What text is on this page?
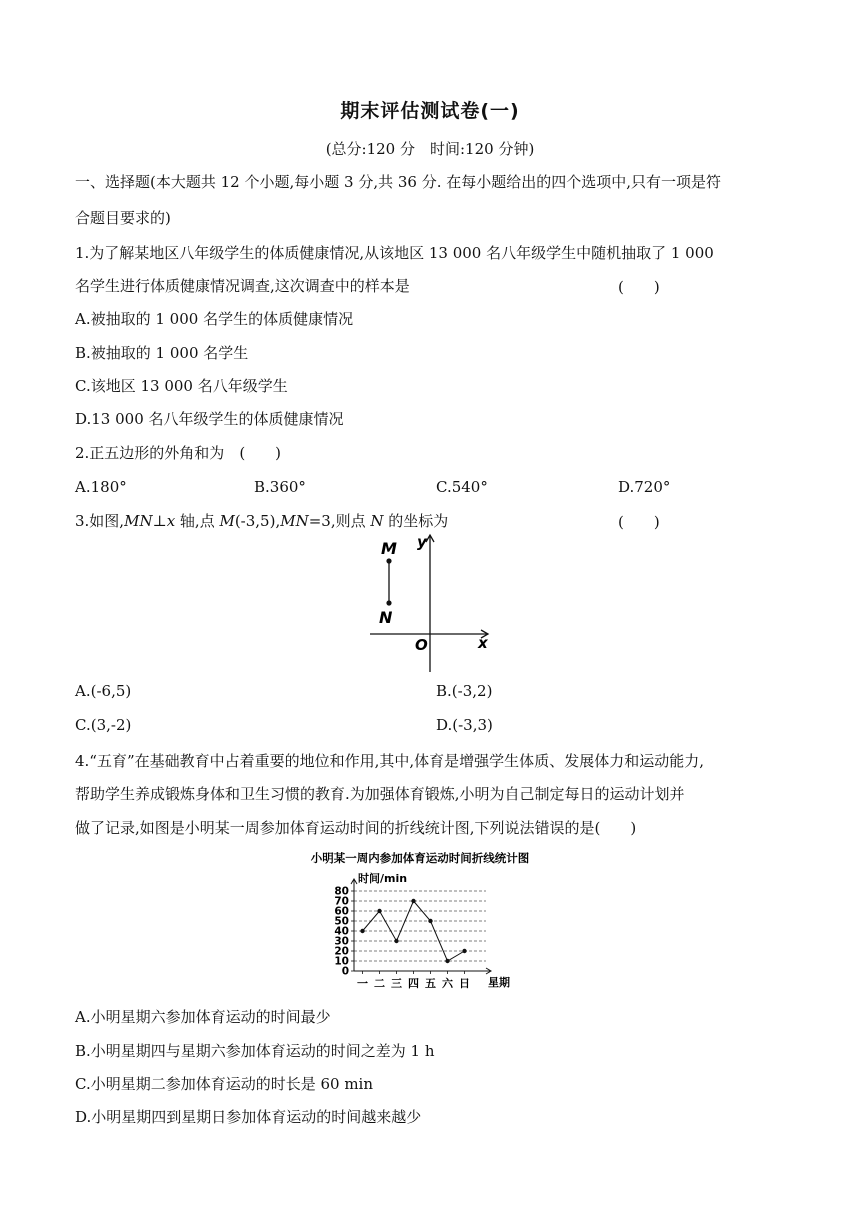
期末评估测试卷(一)
(总分:120 分　时间:120 分钟)
一、选择题(本大题共 12 个小题,每小题 3 分,共 36 分. 在每小题给出的四个选项中,只有一项是符
合题目要求的)
1.为了解某地区八年级学生的体质健康情况,从该地区 13 000 名八年级学生中随机抽取了 1 000
名学生进行体质健康情况调查,这次调查中的样本是	(　　)
A.被抽取的 1 000 名学生的体质健康情况
B.被抽取的 1 000 名学生
C.该地区 13 000 名八年级学生
D.13 000 名八年级学生的体质健康情况
2.正五边形的外角和为　(　　)
A.180°	B.360°	C.540°	D.720°
3.如图,MN⊥x 轴,点 M(-3,5),MN=3,则点 N 的坐标为	(　　)
M
N
O	x
y
A.(-6,5)	B.(-3,2)
C.(3,-2)	D.(-3,3)
4.“五育”在基础教育中占着重要的地位和作用,其中,体育是增强学生体质、发展体力和运动能力,
帮助学生养成锻炼身体和卫生习惯的教育.为加强体育锻炼,小明为自己制定每日的运动计划并
做了记录,如图是小明某一周参加体育运动时间的折线统计图,下列说法错误的是(　　)
小明某一周内参加体育运动时间折线统计图
时间/min
星期
0
10
20
30
40
50
60
70
80
一 二 三 四 五 六 日
A.小明星期六参加体育运动的时间最少
B.小明星期四与星期六参加体育运动的时间之差为 1 h
C.小明星期二参加体育运动的时长是 60 min
D.小明星期四到星期日参加体育运动的时间越来越少
